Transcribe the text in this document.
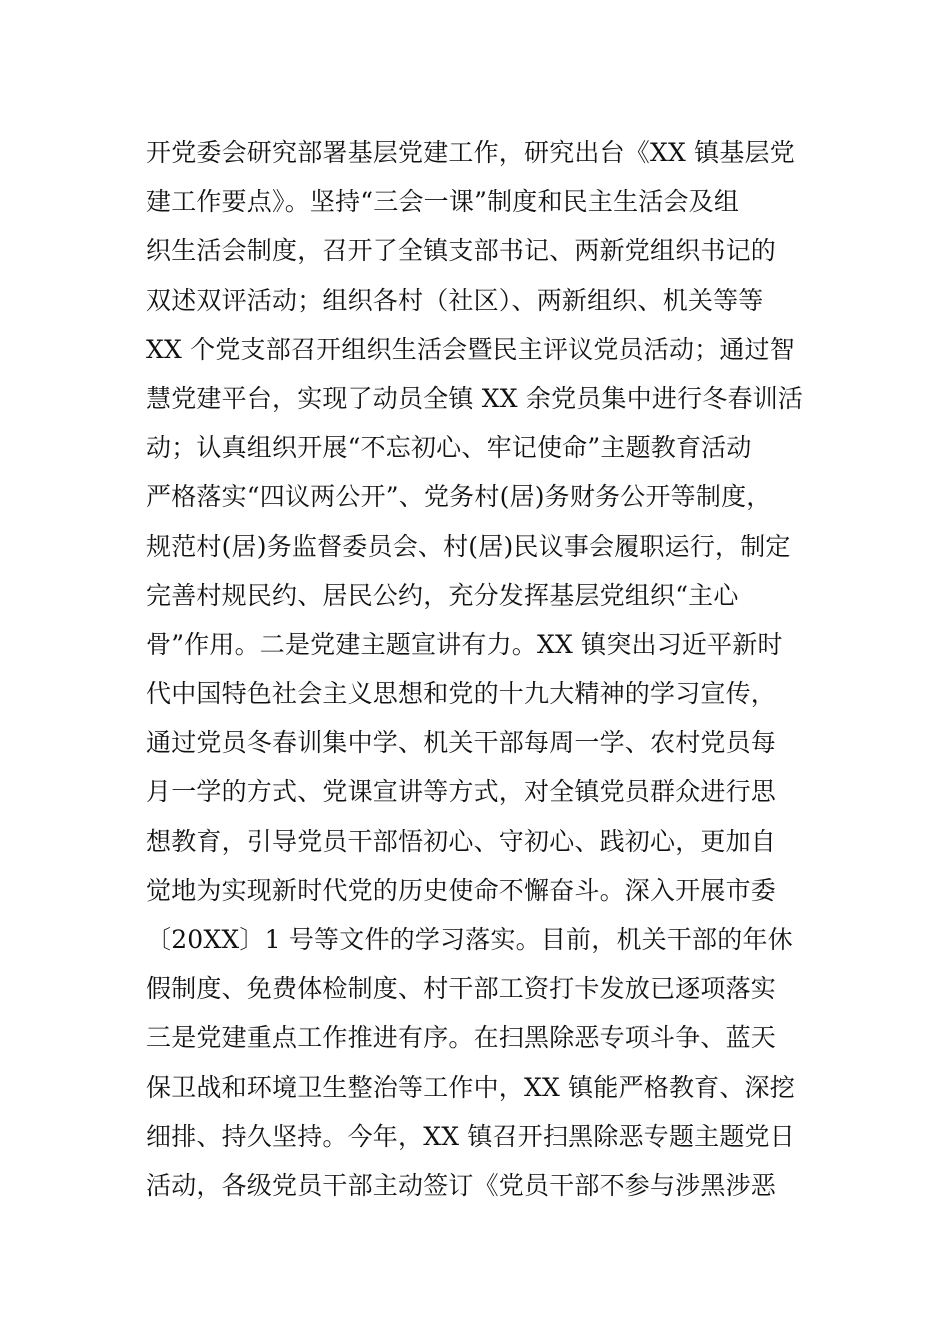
开党委会研究部署基层党建工作，研究出台《XX 镇基层党
建工作要点》。坚持“三会一课”制度和民主生活会及组
织生活会制度，召开了全镇支部书记、两新党组织书记的
双述双评活动；组织各村（社区）、两新组织、机关等等
XX 个党支部召开组织生活会暨民主评议党员活动；通过智
慧党建平台，实现了动员全镇 XX 余党员集中进行冬春训活
动；认真组织开展“不忘初心、牢记使命”主题教育活动
严格落实“四议两公开”、党务村(居)务财务公开等制度，
规范村(居)务监督委员会、村(居)民议事会履职运行，制定
完善村规民约、居民公约，充分发挥基层党组织“主心
骨”作用。二是党建主题宣讲有力。XX 镇突出习近平新时
代中国特色社会主义思想和党的十九大精神的学习宣传，
通过党员冬春训集中学、机关干部每周一学、农村党员每
月一学的方式、党课宣讲等方式，对全镇党员群众进行思
想教育，引导党员干部悟初心、守初心、践初心，更加自
觉地为实现新时代党的历史使命不懈奋斗。深入开展市委
〔20XX〕1 号等文件的学习落实。目前，机关干部的年休
假制度、免费体检制度、村干部工资打卡发放已逐项落实
三是党建重点工作推进有序。在扫黑除恶专项斗争、蓝天
保卫战和环境卫生整治等工作中，XX 镇能严格教育、深挖
细排、持久坚持。今年，XX 镇召开扫黑除恶专题主题党日
活动，各级党员干部主动签订《党员干部不参与涉黑涉恶
